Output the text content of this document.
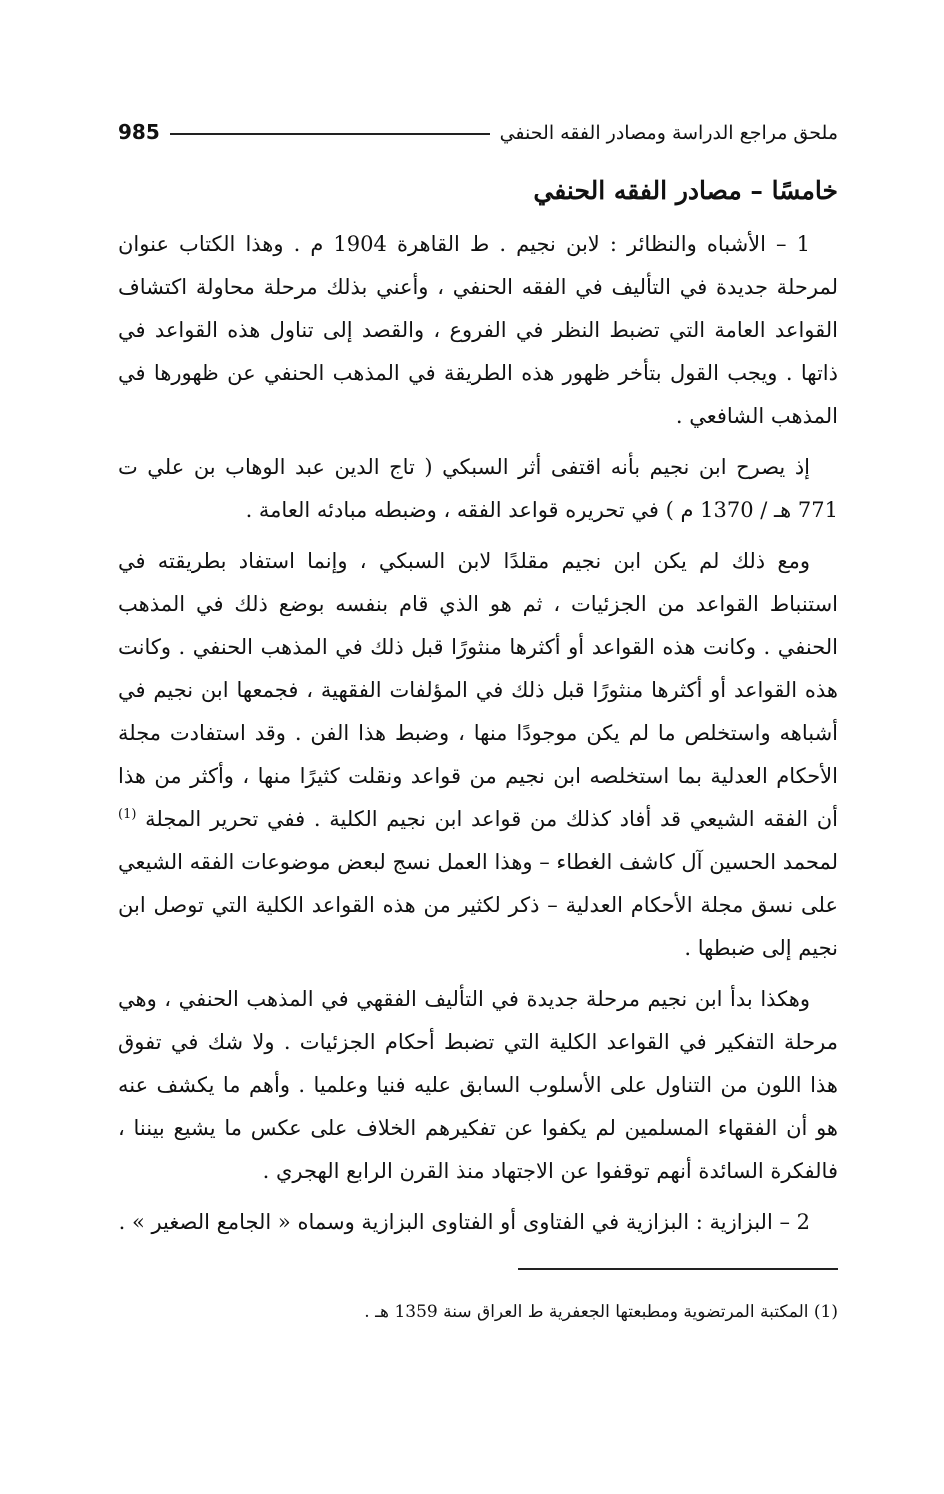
ملحق مراجع الدراسة ومصادر الفقه الحنفي
985
خامسًا – مصادر الفقه الحنفي

1 – الأشباه والنظائر : لابن نجيم . ط القاهرة 1904 م . وهذا الكتاب عنوان لمرحلة جديدة في التأليف في الفقه الحنفي ، وأعني بذلك مرحلة محاولة اكتشاف القواعد العامة التي تضبط النظر في الفروع ، والقصد إلى تناول هذه القواعد في ذاتها . ويجب القول بتأخر ظهور هذه الطريقة في المذهب الحنفي عن ظهورها في المذهب الشافعي .

إذ يصرح ابن نجيم بأنه اقتفى أثر السبكي ( تاج الدين عبد الوهاب بن علي ت 771 هـ / 1370 م ) في تحريره قواعد الفقه ، وضبطه مبادئه العامة .

ومع ذلك لم يكن ابن نجيم مقلدًا لابن السبكي ، وإنما استفاد بطريقته في استنباط القواعد من الجزئيات ، ثم هو الذي قام بنفسه بوضع ذلك في المذهب الحنفي . وكانت هذه القواعد أو أكثرها منثورًا قبل ذلك في المذهب الحنفي . وكانت هذه القواعد أو أكثرها منثورًا قبل ذلك في المؤلفات الفقهية ، فجمعها ابن نجيم في أشباهه واستخلص ما لم يكن موجودًا منها ، وضبط هذا الفن . وقد استفادت مجلة الأحكام العدلية بما استخلصه ابن نجيم من قواعد ونقلت كثيرًا منها ، وأكثر من هذا أن الفقه الشيعي قد أفاد كذلك من قواعد ابن نجيم الكلية . ففي تحرير المجلة $^{(1)}$ لمحمد الحسين آل كاشف الغطاء – وهذا العمل نسج لبعض موضوعات الفقه الشيعي على نسق مجلة الأحكام العدلية – ذكر لكثير من هذه القواعد الكلية التي توصل ابن نجيم إلى ضبطها .

وهكذا بدأ ابن نجيم مرحلة جديدة في التأليف الفقهي في المذهب الحنفي ، وهي مرحلة التفكير في القواعد الكلية التي تضبط أحكام الجزئيات . ولا شك في تفوق هذا اللون من التناول على الأسلوب السابق عليه فنيا وعلميا . وأهم ما يكشف عنه هو أن الفقهاء المسلمين لم يكفوا عن تفكيرهم الخلاف على عكس ما يشيع بيننا ، فالفكرة السائدة أنهم توقفوا عن الاجتهاد منذ القرن الرابع الهجري .

2 – البزازية : البزازية في الفتاوى أو الفتاوى البزازية وسماه « الجامع الصغير » .

(1) المكتبة المرتضوية ومطبعتها الجعفرية ط العراق سنة 1359 هـ .
